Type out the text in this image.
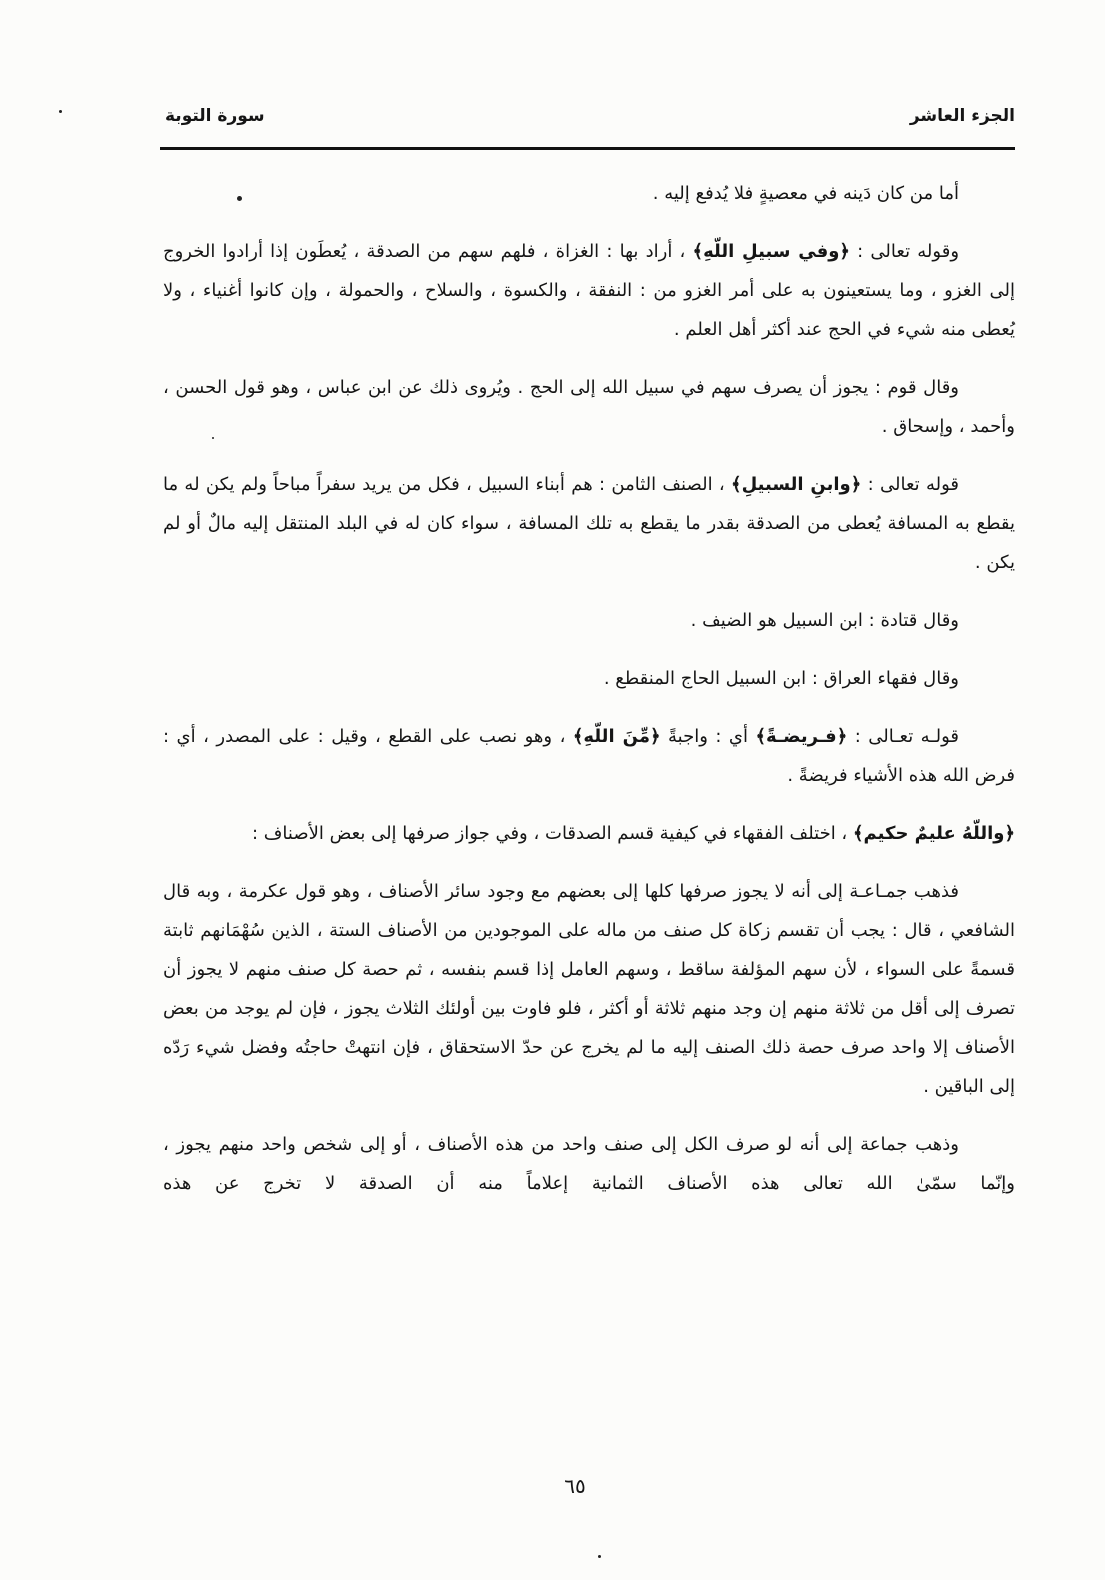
الجزء العاشر
سورة التوبة

أما من كان دَينه في معصيةٍ فلا يُدفع إليه .

وقوله تعالى : ﴿وفي سبيلِ اللّهِ﴾ ، أراد بها : الغزاة ، فلهم سهم من الصدقة ، يُعطَون إذا أرادوا الخروج إلى الغزو ، وما يستعينون به على أمر الغزو من : النفقة ، والكسوة ، والسلاح ، والحمولة ، وإن كانوا أغنياء ، ولا يُعطى منه شيء في الحج عند أكثر أهل العلم .

وقال قوم : يجوز أن يصرف سهم في سبيل الله إلى الحج . ويُروى ذلك عن ابن عباس ، وهو قول الحسن ، وأحمد ، وإسحاق .

قوله تعالى : ﴿وابنِ السبيلِ﴾ ، الصنف الثامن : هم أبناء السبيل ، فكل من يريد سفراً مباحاً ولم يكن له ما يقطع به المسافة يُعطى من الصدقة بقدر ما يقطع به تلك المسافة ، سواء كان له في البلد المنتقل إليه مالٌ أو لم يكن .

وقال قتادة : ابن السبيل هو الضيف .

وقال فقهاء العراق : ابن السبيل الحاج المنقطع .

قولـه تعـالى : ﴿فـريضـةً﴾ أي : واجبةً ﴿مِّنَ اللّهِ﴾ ، وهو نصب على القطع ، وقيل : على المصدر ، أي : فرض الله هذه الأشياء فريضةً .

﴿واللّهُ عليمٌ حكيم﴾ ، اختلف الفقهاء في كيفية قسم الصدقات ، وفي جواز صرفها إلى بعض الأصناف :

فذهب جمـاعـة إلى أنه لا يجوز صرفها كلها إلى بعضهم مع وجود سائر الأصناف ، وهو قول عكرمة ، وبه قال الشافعي ، قال : يجب أن تقسم زكاة كل صنف من ماله على الموجودين من الأصناف الستة ، الذين سُهْمَانهم ثابتة قسمةً على السواء ، لأن سهم المؤلفة ساقط ، وسهم العامل إذا قسم بنفسه ، ثم حصة كل صنف منهم لا يجوز أن تصرف إلى أقل من ثلاثة منهم إن وجد منهم ثلاثة أو أكثر ، فلو فاوت بين أولئك الثلاث يجوز ، فإن لم يوجد من بعض الأصناف إلا واحد صرف حصة ذلك الصنف إليه ما لم يخرج عن حدّ الاستحقاق ، فإن انتهتْ حاجتُه وفضل شيء رَدّه إلى الباقين .

وذهب جماعة إلى أنه لو صرف الكل إلى صنف واحد من هذه الأصناف ، أو إلى شخص واحد منهم يجوز ، وإنّما سمّىٰ الله تعالى هذه الأصناف الثمانية إعلاماً منه أن الصدقة لا تخرج عن هذه

٦٥
